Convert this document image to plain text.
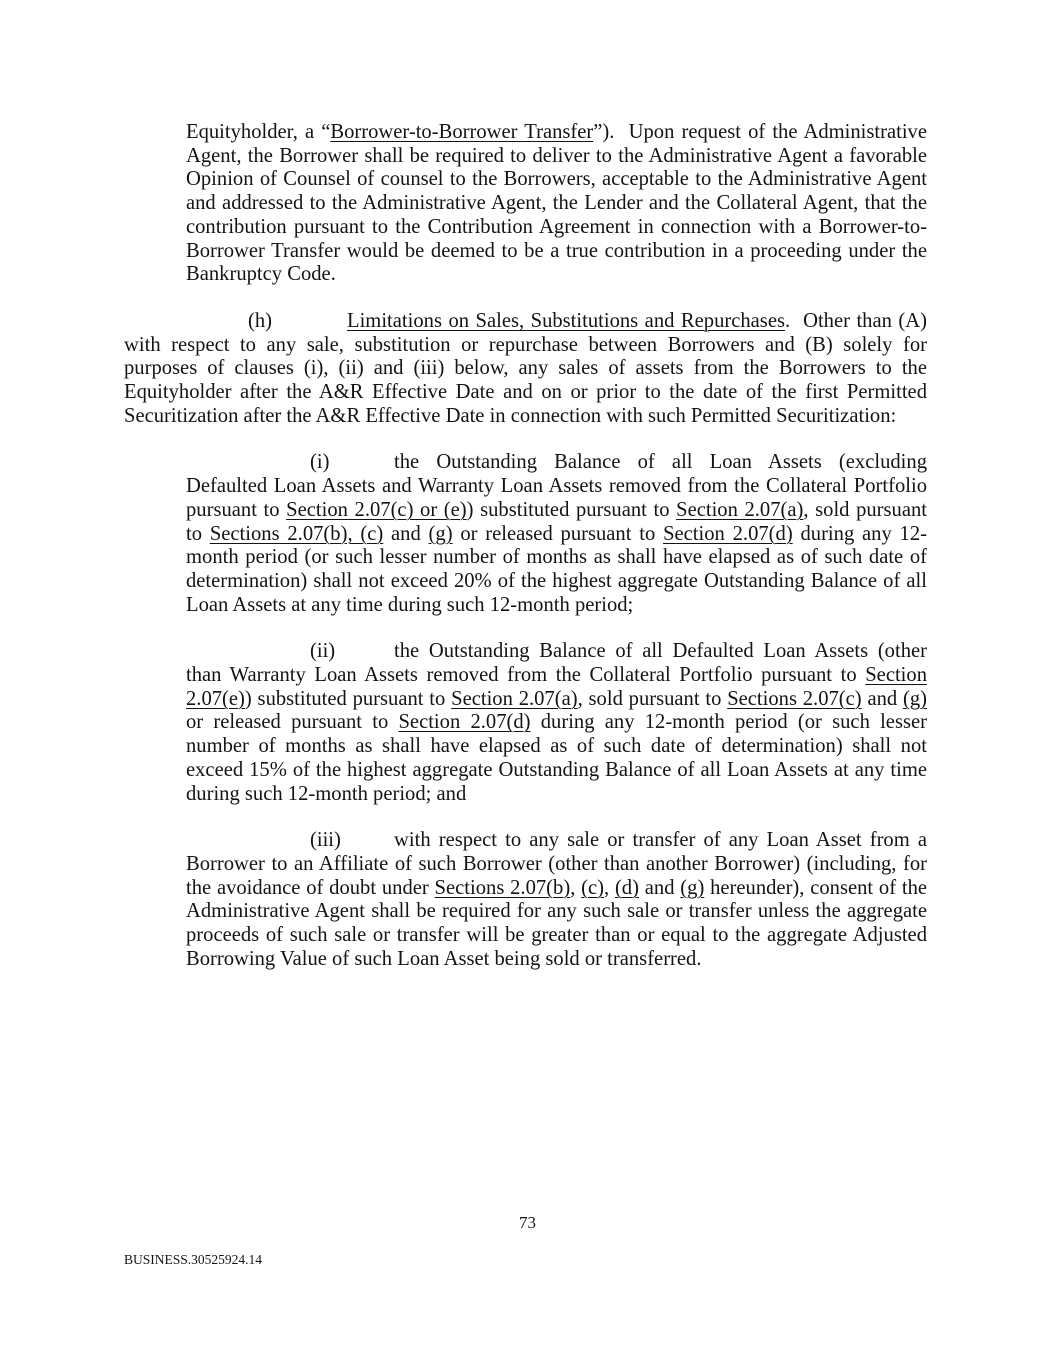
Equityholder, a “Borrower-to-Borrower Transfer”).  Upon request of the Administrative Agent, the Borrower shall be required to deliver to the Administrative Agent a favorable Opinion of Counsel of counsel to the Borrowers, acceptable to the Administrative Agent and addressed to the Administrative Agent, the Lender and the Collateral Agent, that the contribution pursuant to the Contribution Agreement in connection with a Borrower-to-Borrower Transfer would be deemed to be a true contribution in a proceeding under the Bankruptcy Code.

(h)	Limitations on Sales, Substitutions and Repurchases.  Other than (A) with respect to any sale, substitution or repurchase between Borrowers and (B) solely for purposes of clauses (i), (ii) and (iii) below, any sales of assets from the Borrowers to the Equityholder after the A&R Effective Date and on or prior to the date of the first Permitted Securitization after the A&R Effective Date in connection with such Permitted Securitization:

(i)	the Outstanding Balance of all Loan Assets (excluding Defaulted Loan Assets and Warranty Loan Assets removed from the Collateral Portfolio pursuant to Section 2.07(c) or (e)) substituted pursuant to Section 2.07(a), sold pursuant to Sections 2.07(b), (c) and (g) or released pursuant to Section 2.07(d) during any 12-month period (or such lesser number of months as shall have elapsed as of such date of determination) shall not exceed 20% of the highest aggregate Outstanding Balance of all Loan Assets at any time during such 12-month period;

(ii)	the Outstanding Balance of all Defaulted Loan Assets (other than Warranty Loan Assets removed from the Collateral Portfolio pursuant to Section 2.07(e)) substituted pursuant to Section 2.07(a), sold pursuant to Sections 2.07(c) and (g) or released pursuant to Section 2.07(d) during any 12-month period (or such lesser number of months as shall have elapsed as of such date of determination) shall not exceed 15% of the highest aggregate Outstanding Balance of all Loan Assets at any time during such 12-month period; and

(iii)	with respect to any sale or transfer of any Loan Asset from a Borrower to an Affiliate of such Borrower (other than another Borrower) (including, for the avoidance of doubt under Sections 2.07(b), (c), (d) and (g) hereunder), consent of the Administrative Agent shall be required for any such sale or transfer unless the aggregate proceeds of such sale or transfer will be greater than or equal to the aggregate Adjusted Borrowing Value of such Loan Asset being sold or transferred.

73
BUSINESS.30525924.14
